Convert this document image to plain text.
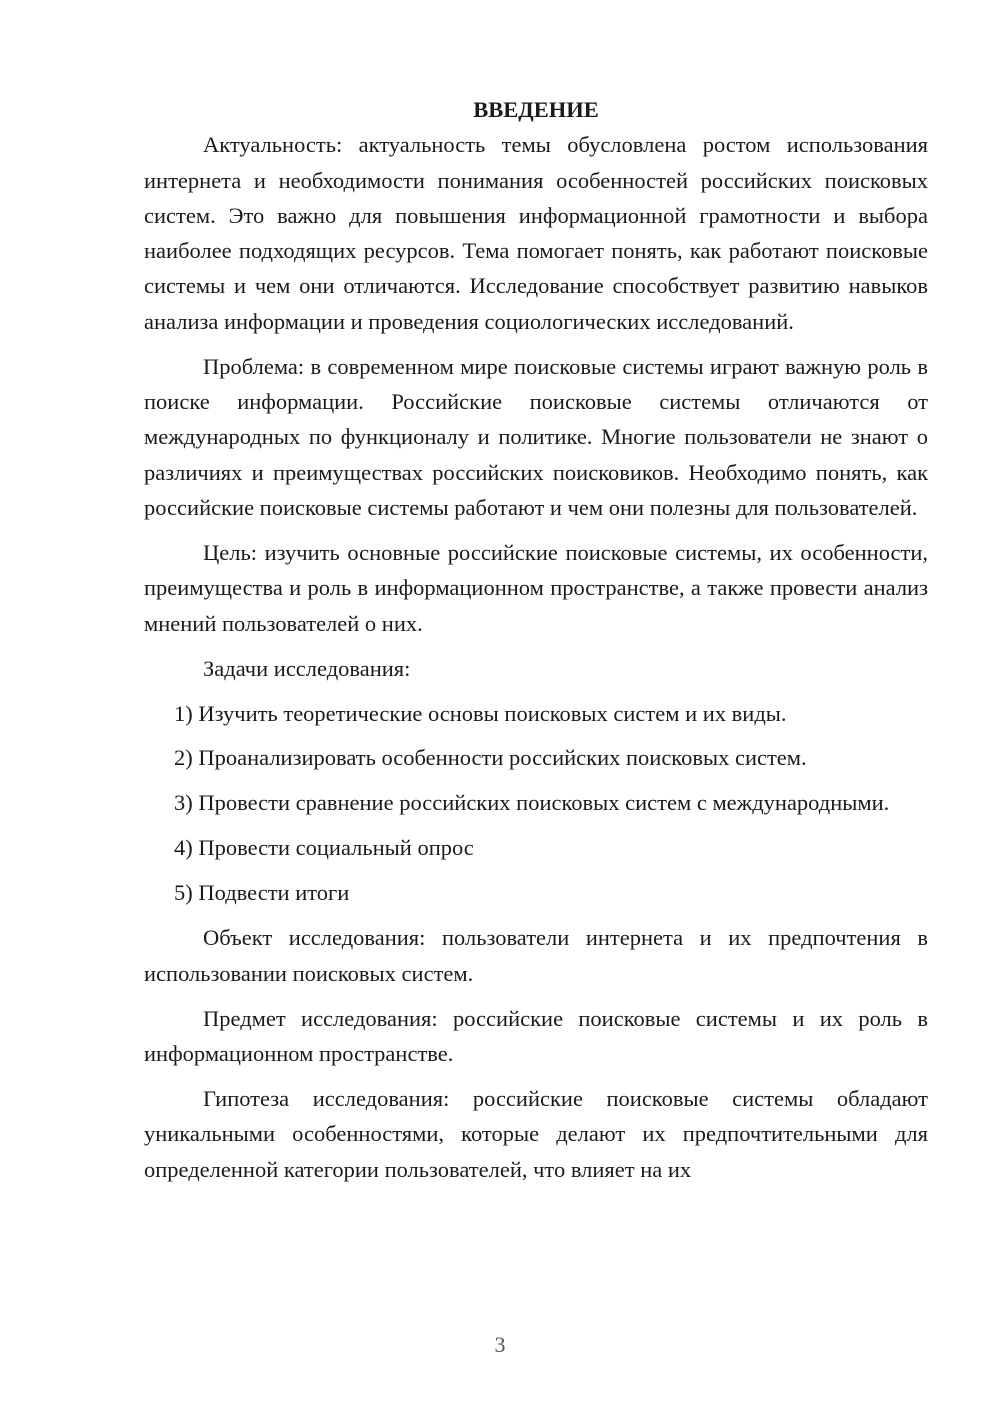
ВВЕДЕНИЕ

Актуальность: актуальность темы обусловлена ростом использования интернета и необходимости понимания особенностей российских поисковых систем. Это важно для повышения информационной грамотности и выбора наиболее подходящих ресурсов. Тема помогает понять, как работают поисковые системы и чем они отличаются. Исследование способствует развитию навыков анализа информации и проведения социологических исследований.

Проблема: в современном мире поисковые системы играют важную роль в поиске информации. Российские поисковые системы отличаются от международных по функционалу и политике. Многие пользователи не знают о различиях и преимуществах российских поисковиков. Необходимо понять, как российские поисковые системы работают и чем они полезны для пользователей.

Цель: изучить основные российские поисковые системы, их особенности, преимущества и роль в информационном пространстве, а также провести анализ мнений пользователей о них.

Задачи исследования:

1) Изучить теоретические основы поисковых систем и их виды.

2) Проанализировать особенности российских поисковых систем.

3) Провести сравнение российских поисковых систем с международными.

4) Провести социальный опрос

5) Подвести итоги

Объект исследования: пользователи интернета и их предпочтения в использовании поисковых систем.

Предмет исследования: российские поисковые системы и их роль в информационном пространстве.

Гипотеза исследования: российские поисковые системы обладают уникальными особенностями, которые делают их предпочтительными для определенной категории пользователей, что влияет на их

3
